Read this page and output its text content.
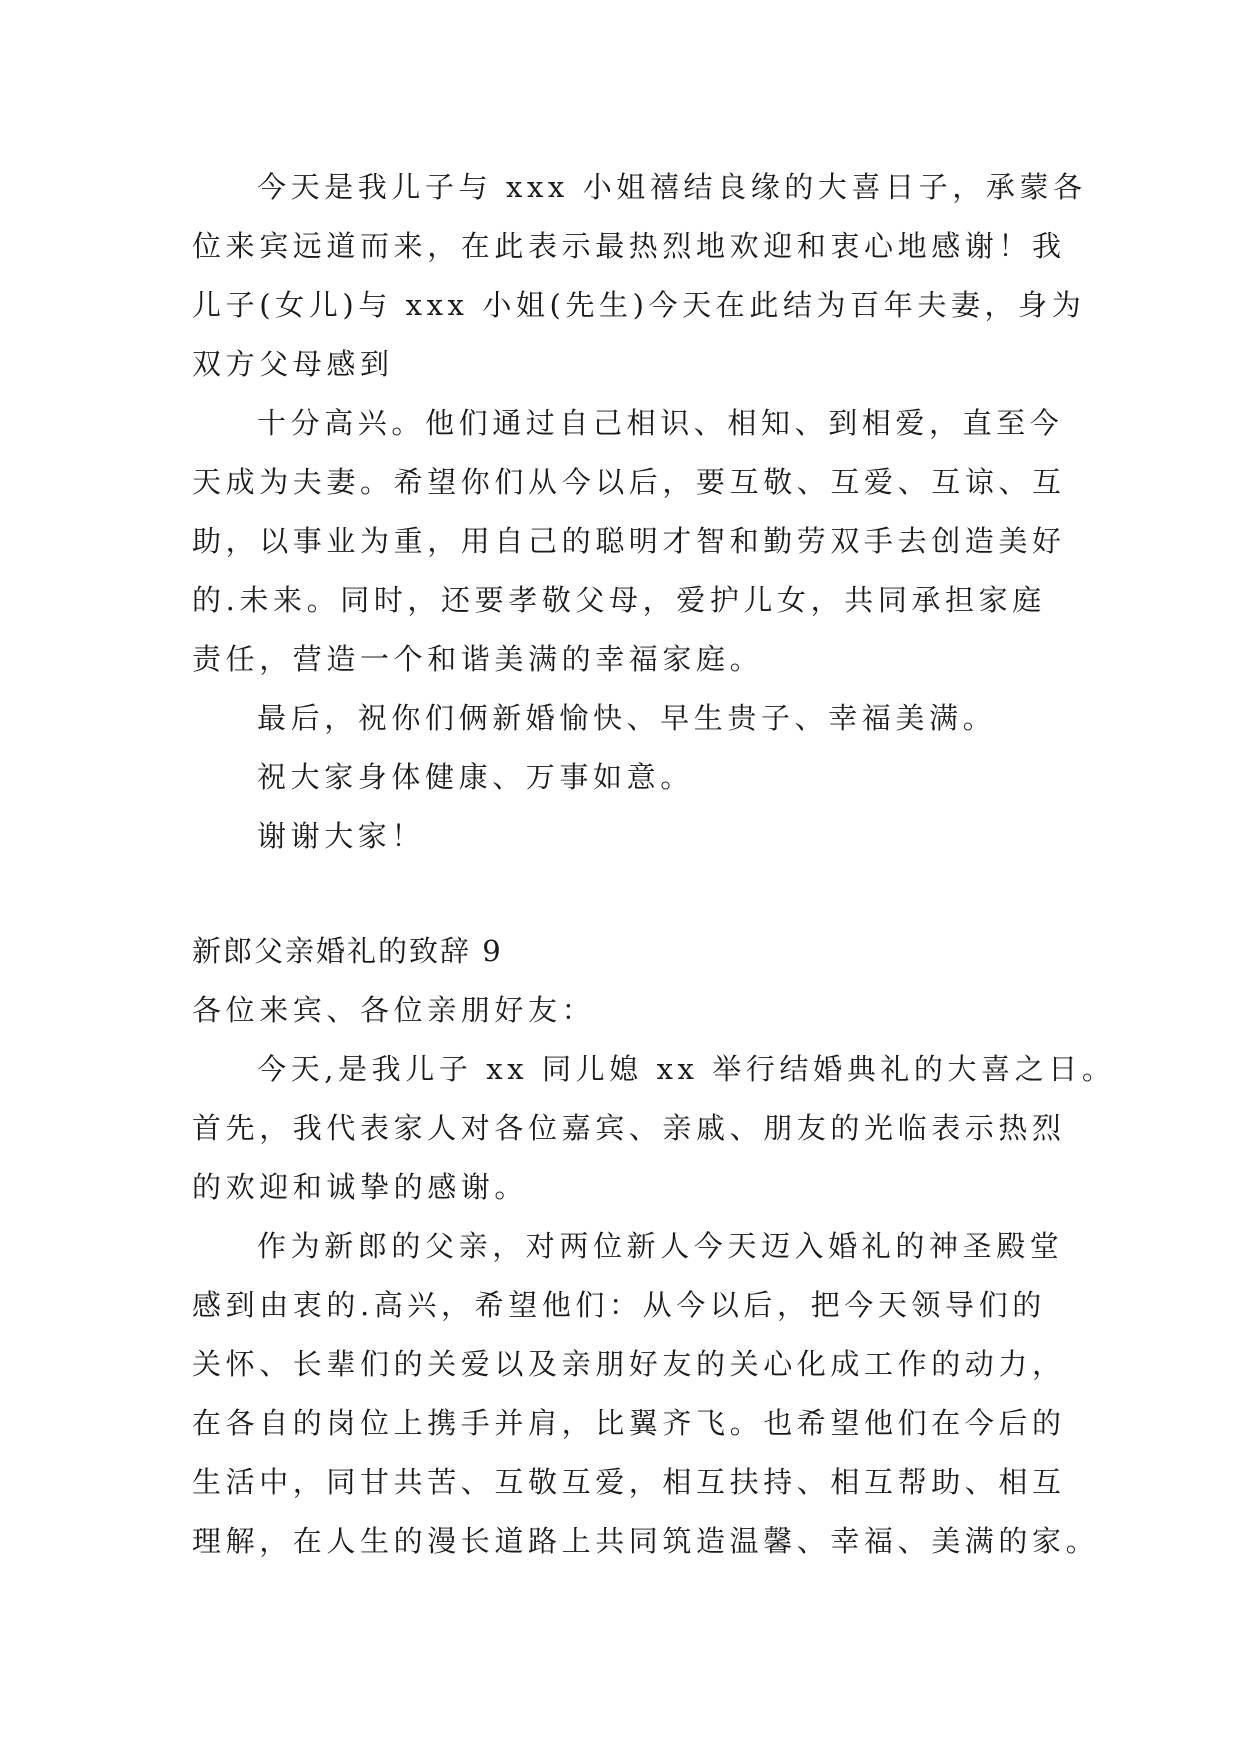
今天是我儿子与 xxx 小姐禧结良缘的大喜日子，承蒙各
位来宾远道而来，在此表示最热烈地欢迎和衷心地感谢！我
儿子(女儿)与 xxx 小姐(先生)今天在此结为百年夫妻，身为
双方父母感到
十分高兴。他们通过自己相识、相知、到相爱，直至今
天成为夫妻。希望你们从今以后，要互敬、互爱、互谅、互
助，以事业为重，用自己的聪明才智和勤劳双手去创造美好
的.未来。同时，还要孝敬父母，爱护儿女，共同承担家庭
责任，营造一个和谐美满的幸福家庭。
最后，祝你们俩新婚愉快、早生贵子、幸福美满。
祝大家身体健康、万事如意。
谢谢大家！
新郎父亲婚礼的致辞 9
各位来宾、各位亲朋好友：
今天,是我儿子 xx 同儿媳 xx 举行结婚典礼的大喜之日。
首先，我代表家人对各位嘉宾、亲戚、朋友的光临表示热烈
的欢迎和诚挚的感谢。
作为新郎的父亲，对两位新人今天迈入婚礼的神圣殿堂
感到由衷的.高兴，希望他们：从今以后，把今天领导们的
关怀、长辈们的关爱以及亲朋好友的关心化成工作的动力，
在各自的岗位上携手并肩，比翼齐飞。也希望他们在今后的
生活中，同甘共苦、互敬互爱，相互扶持、相互帮助、相互
理解，在人生的漫长道路上共同筑造温馨、幸福、美满的家。
